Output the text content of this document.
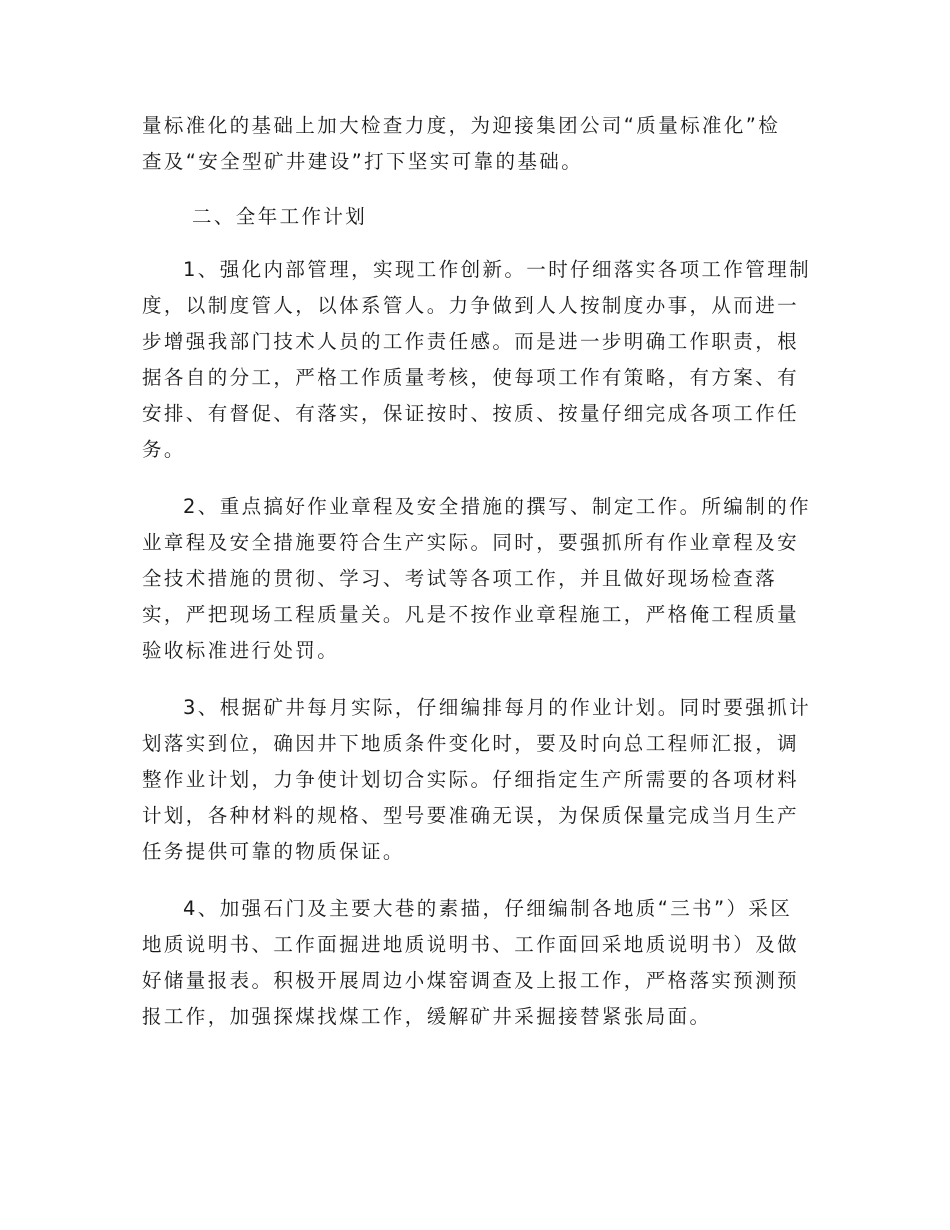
量标准化的基础上加大检查力度，为迎接集团公司“质量标准化”检
查及“安全型矿井建设”打下坚实可靠的基础。
二、全年工作计划
1、强化内部管理，实现工作创新。一时仔细落实各项工作管理制
度，以制度管人，以体系管人。力争做到人人按制度办事，从而进一
步增强我部门技术人员的工作责任感。而是进一步明确工作职责，根
据各自的分工，严格工作质量考核，使每项工作有策略，有方案、有
安排、有督促、有落实，保证按时、按质、按量仔细完成各项工作任
务。
2、重点搞好作业章程及安全措施的撰写、制定工作。所编制的作
业章程及安全措施要符合生产实际。同时，要强抓所有作业章程及安
全技术措施的贯彻、学习、考试等各项工作，并且做好现场检查落
实，严把现场工程质量关。凡是不按作业章程施工，严格俺工程质量
验收标准进行处罚。
3、根据矿井每月实际，仔细编排每月的作业计划。同时要强抓计
划落实到位，确因井下地质条件变化时，要及时向总工程师汇报，调
整作业计划，力争使计划切合实际。仔细指定生产所需要的各项材料
计划，各种材料的规格、型号要准确无误，为保质保量完成当月生产
任务提供可靠的物质保证。
4、加强石门及主要大巷的素描，仔细编制各地质“三书”）采区
地质说明书、工作面掘进地质说明书、工作面回采地质说明书）及做
好储量报表。积极开展周边小煤窑调查及上报工作，严格落实预测预
报工作，加强探煤找煤工作，缓解矿井采掘接替紧张局面。
